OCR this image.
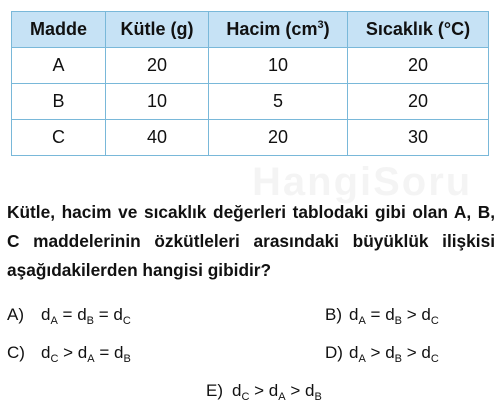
Madde	Kütle (g)	Hacim $(cm^3)$	Sıcaklık (°C)
A	20	10	20
B	10	5	20
C	40	20	30
Kütle, hacim ve sıcaklık değerleri tablodaki gibi olan A, B, C maddelerinin özkütleleri arasındaki büyüklük ilişkisi aşağıdakilerden hangisi gibidir?
A) $d_A = d_B = d_C$	B) $d_A = d_B > d_C$
C) $d_C > d_A = d_B$	D) $d_A > d_B > d_C$
E) $d_C > d_A > d_B$
